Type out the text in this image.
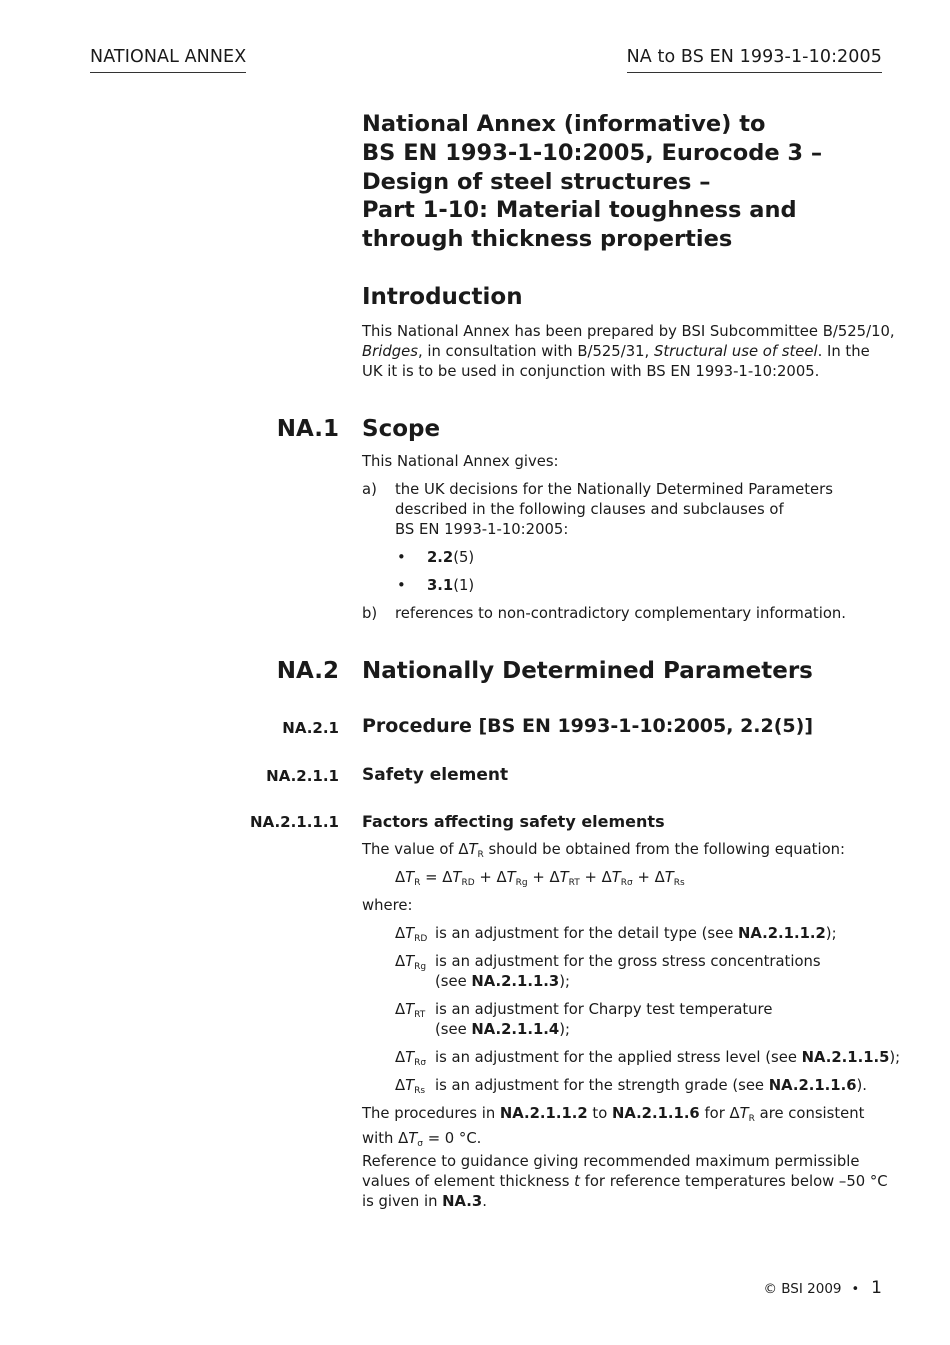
NATIONAL ANNEX	NA to BS EN 1993-1-10:2005
National Annex (informative) to
BS EN 1993-1-10:2005, Eurocode 3 –
Design of steel structures –
Part 1-10: Material toughness and
through thickness properties
Introduction
This National Annex has been prepared by BSI Subcommittee B/525/10,
Bridges, in consultation with B/525/31, Structural use of steel. In the
UK it is to be used in conjunction with BS EN 1993-1-10:2005.
NA.1 Scope
This National Annex gives:
a) the UK decisions for the Nationally Determined Parameters
described in the following clauses and subclauses of
BS EN 1993-1-10:2005:
• 2.2(5)
• 3.1(1)
b) references to non-contradictory complementary information.
NA.2 Nationally Determined Parameters
NA.2.1 Procedure [BS EN 1993-1-10:2005, 2.2(5)]
NA.2.1.1 Safety element
NA.2.1.1.1 Factors affecting safety elements
The value of $\Delta T_R$ should be obtained from the following equation:
$\Delta T_R = \Delta T_{RD} + \Delta T_{Rg} + \Delta T_{RT} + \Delta T_{R\sigma} + \Delta T_{Rs}$
where:
$\Delta T_{RD}$ is an adjustment for the detail type (see NA.2.1.1.2);
$\Delta T_{Rg}$ is an adjustment for the gross stress concentrations
(see NA.2.1.1.3);
$\Delta T_{RT}$ is an adjustment for Charpy test temperature
(see NA.2.1.1.4);
$\Delta T_{R\sigma}$ is an adjustment for the applied stress level (see NA.2.1.1.5);
$\Delta T_{Rs}$ is an adjustment for the strength grade (see NA.2.1.1.6).
The procedures in NA.2.1.1.2 to NA.2.1.1.6 for $\Delta T_R$ are consistent
with $\Delta T_\sigma = 0$ °C.
Reference to guidance giving recommended maximum permissible
values of element thickness t for reference temperatures below –50 °C
is given in NA.3.
© BSI 2009 • 1
